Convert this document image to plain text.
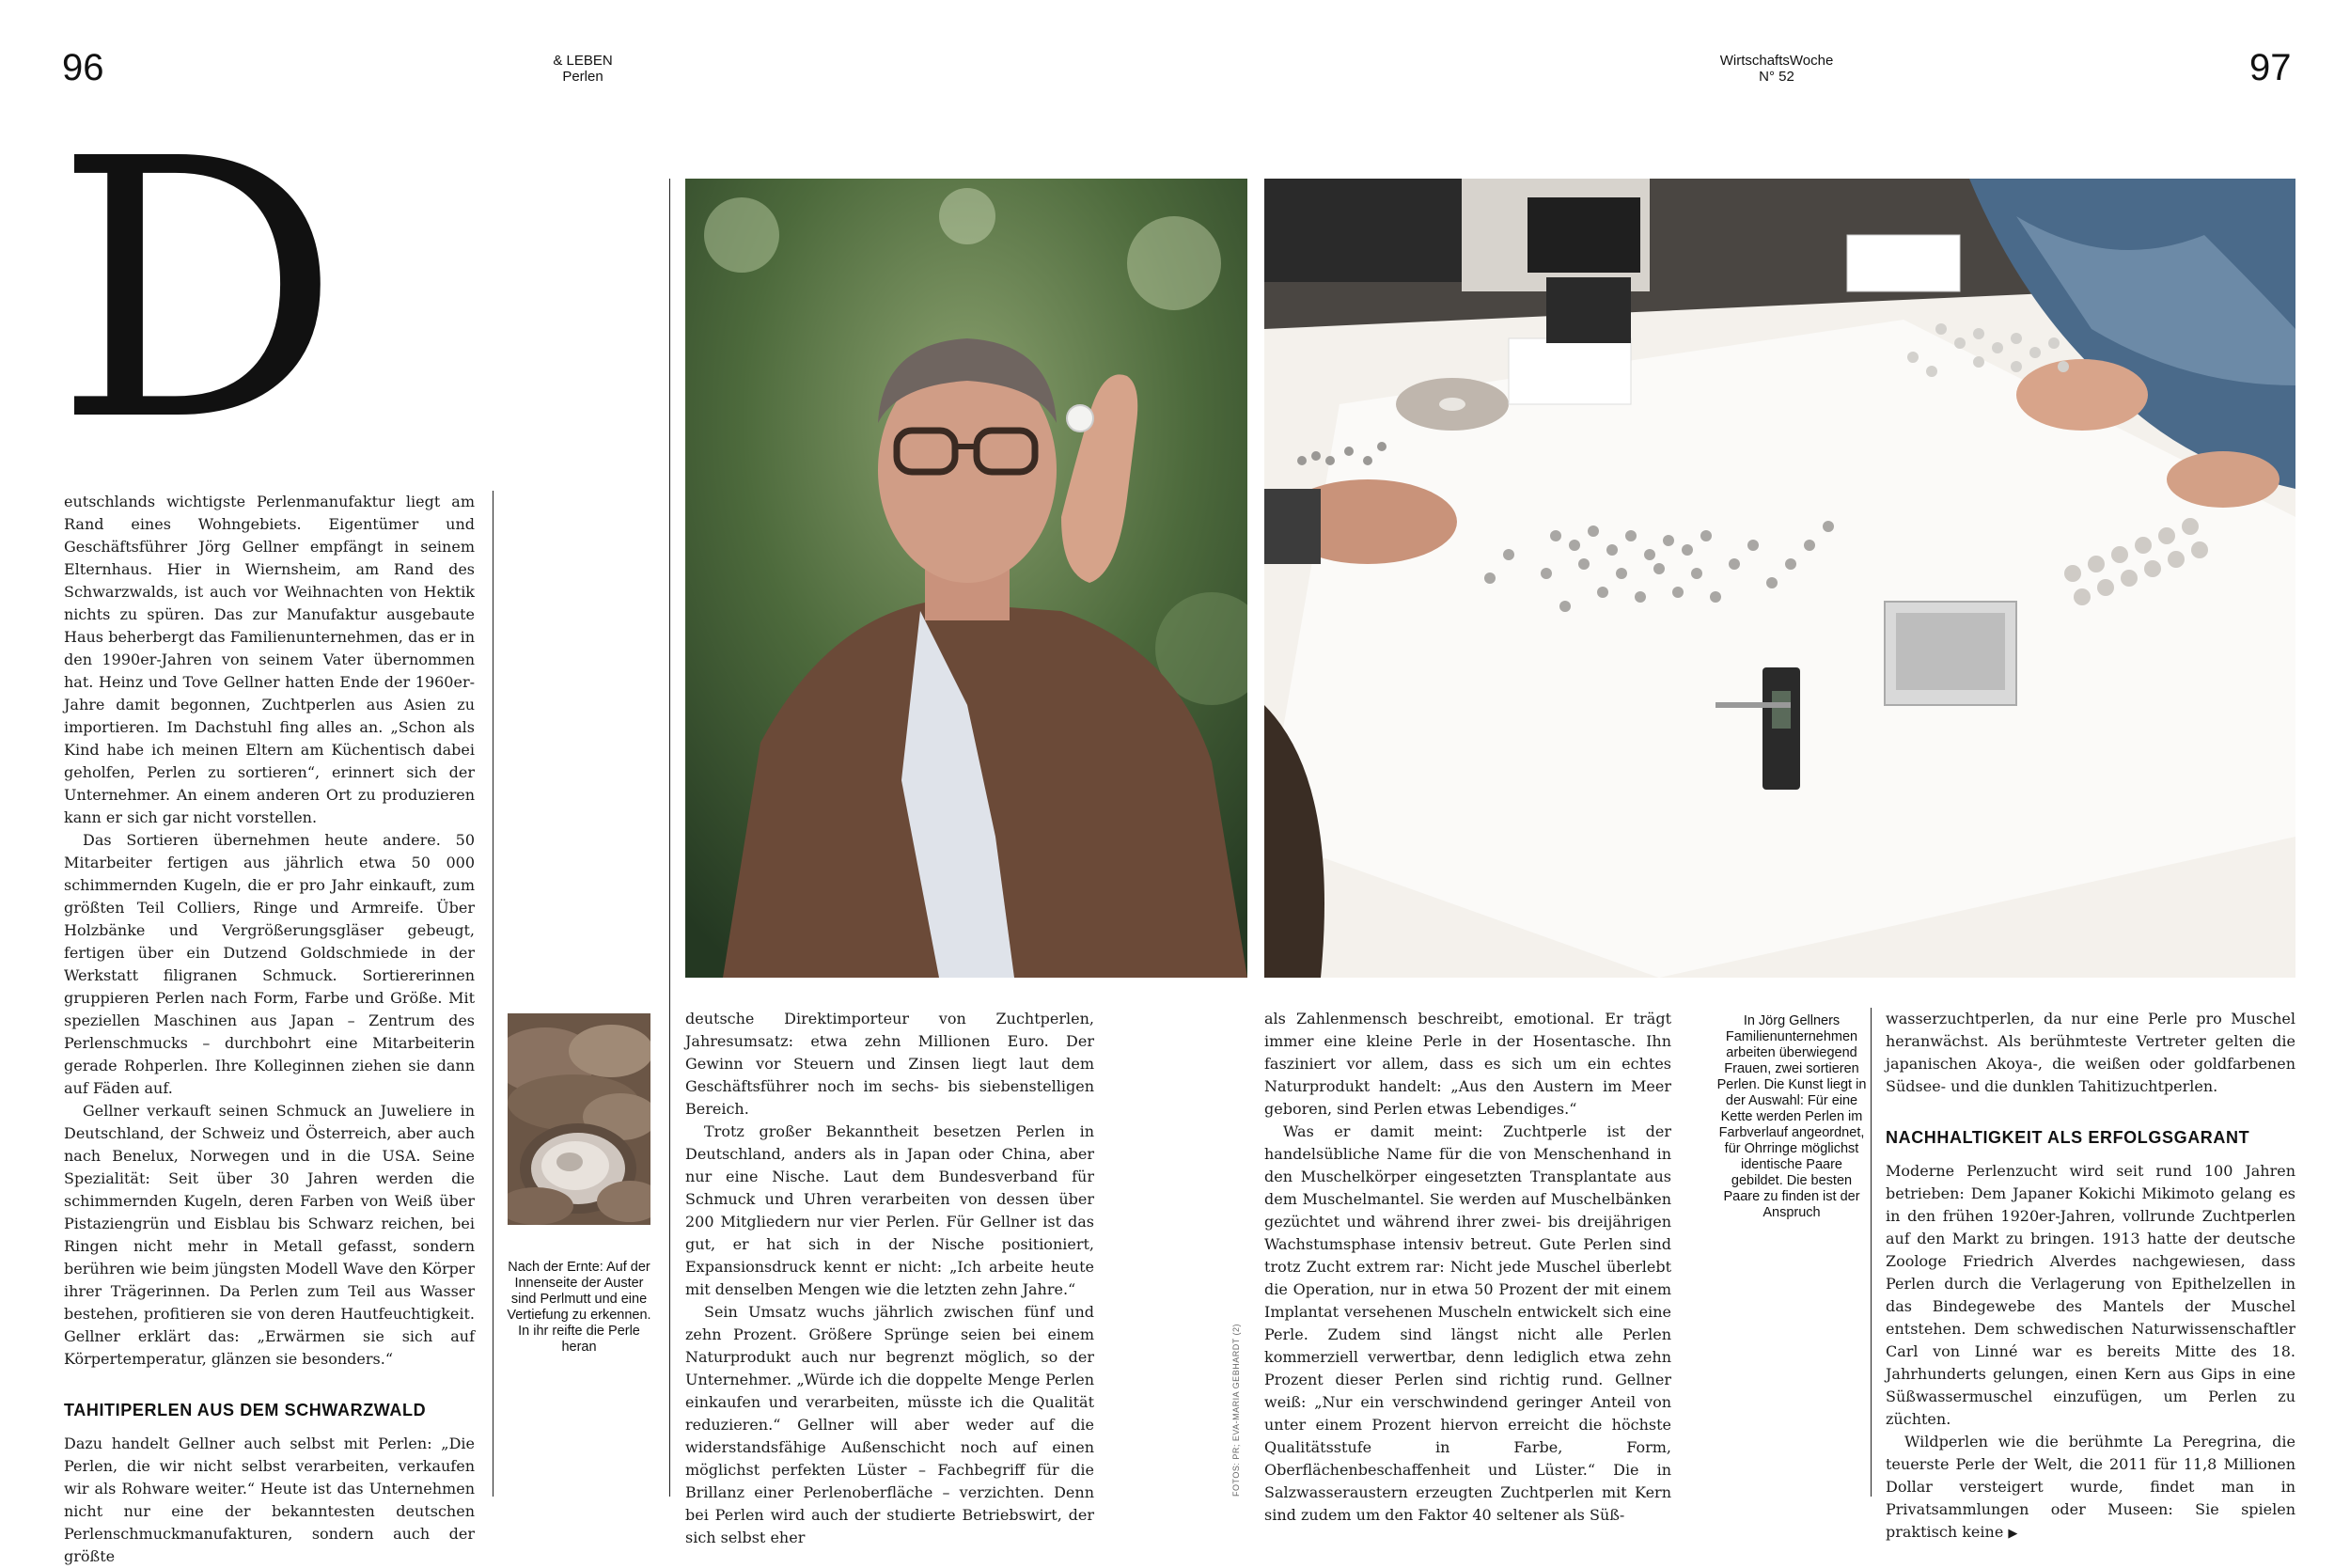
96	& LEBEN
Perlen
WirtschaftsWoche
N° 52	97
D

eutschlands wichtigste Perlenmanufaktur liegt am Rand eines Wohngebiets. Eigentümer und Geschäftsführer Jörg Gellner empfängt in seinem Elternhaus. Hier in Wiernsheim, am Rand des Schwarzwalds, ist auch vor Weihnachten von Hektik nichts zu spüren. Das zur Manufaktur ausgebaute Haus beherbergt das Familienunternehmen, das er in den 1990er-Jahren von seinem Vater übernommen hat. Heinz und Tove Gellner hatten Ende der 1960er-Jahre damit begonnen, Zuchtperlen aus Asien zu importieren. Im Dachstuhl fing alles an. „Schon als Kind habe ich meinen Eltern am Küchentisch dabei geholfen, Perlen zu sortieren“, erinnert sich der Unternehmer. An einem anderen Ort zu produzieren kann er sich gar nicht vorstellen.

Das Sortieren übernehmen heute andere. 50 Mitarbeiter fertigen aus jährlich etwa 50 000 schimmernden Kugeln, die er pro Jahr einkauft, zum größten Teil Colliers, Ringe und Armreife. Über Holzbänke und Vergrößerungsgläser gebeugt, fertigen über ein Dutzend Goldschmiede in der Werkstatt filigranen Schmuck. Sortiererinnen gruppieren Perlen nach Form, Farbe und Größe. Mit speziellen Maschinen aus Japan – Zentrum des Perlenschmucks – durchbohrt eine Mitarbeiterin gerade Rohperlen. Ihre Kolleginnen ziehen sie dann auf Fäden auf.

Gellner verkauft seinen Schmuck an Juweliere in Deutschland, der Schweiz und Österreich, aber auch nach Benelux, Norwegen und in die USA. Seine Spezialität: Seit über 30 Jahren werden die schimmernden Kugeln, deren Farben von Weiß über Pistaziengrün und Eisblau bis Schwarz reichen, bei Ringen nicht mehr in Metall gefasst, sondern berühren wie beim jüngsten Modell Wave den Körper ihrer Trägerinnen. Da Perlen zum Teil aus Wasser bestehen, profitieren sie von deren Hautfeuchtigkeit. Gellner erklärt das: „Erwärmen sie sich auf Körpertemperatur, glänzen sie besonders.“

TAHITIPERLEN AUS DEM SCHWARZWALD

Dazu handelt Gellner auch selbst mit Perlen: „Die Perlen, die wir nicht selbst verarbeiten, verkaufen wir als Rohware weiter.“ Heute ist das Unternehmen nicht nur eine der bekanntesten deutschen Perlenschmuckmanufakturen, sondern auch der größte

Nach der Ernte: Auf der Innenseite der Auster sind Perlmutt und eine Vertiefung zu erkennen. In ihr reifte die Perle heran

deutsche Direktimporteur von Zuchtperlen, Jahresumsatz: etwa zehn Millionen Euro. Der Gewinn vor Steuern und Zinsen liegt laut dem Geschäftsführer noch im sechs- bis siebenstelligen Bereich.

Trotz großer Bekanntheit besetzen Perlen in Deutschland, anders als in Japan oder China, aber nur eine Nische. Laut dem Bundesverband für Schmuck und Uhren verarbeiten von dessen über 200 Mitgliedern nur vier Perlen. Für Gellner ist das gut, er hat sich in der Nische positioniert, Expansionsdruck kennt er nicht: „Ich arbeite heute mit denselben Mengen wie die letzten zehn Jahre.“

Sein Umsatz wuchs jährlich zwischen fünf und zehn Prozent. Größere Sprünge seien bei einem Naturprodukt auch nur begrenzt möglich, so der Unternehmer. „Würde ich die doppelte Menge Perlen einkaufen und verarbeiten, müsste ich die Qualität reduzieren.“ Gellner will aber weder auf die widerstandsfähige Außenschicht noch auf einen möglichst perfekten Lüster – Fachbegriff für die Brillanz einer Perlenoberfläche – verzichten. Denn bei Perlen wird auch der studierte Betriebswirt, der sich selbst eher

FOTOS: PR; EVA-MARIA GEBHARDT (2)

als Zahlenmensch beschreibt, emotional. Er trägt immer eine kleine Perle in der Hosentasche. Ihn fasziniert vor allem, dass es sich um ein echtes Naturprodukt handelt: „Aus den Austern im Meer geboren, sind Perlen etwas Lebendiges.“

Was er damit meint: Zuchtperle ist der handelsübliche Name für die von Menschenhand in den Muschelkörper eingesetzten Transplantate aus dem Muschelmantel. Sie werden auf Muschelbänken gezüchtet und während ihrer zwei- bis dreijährigen Wachstumsphase intensiv betreut. Gute Perlen sind trotz Zucht extrem rar: Nicht jede Muschel überlebt die Operation, nur in etwa 50 Prozent der mit einem Implantat versehenen Muscheln entwickelt sich eine Perle. Zudem sind längst nicht alle Perlen kommerziell verwertbar, denn lediglich etwa zehn Prozent dieser Perlen sind richtig rund. Gellner weiß: „Nur ein verschwindend geringer Anteil von unter einem Prozent hiervon erreicht die höchste Qualitätsstufe in Farbe, Form, Oberflächenbeschaffenheit und Lüster.“ Die in Salzwasseraustern erzeugten Zuchtperlen mit Kern sind zudem um den Faktor 40 seltener als Süß-

In Jörg Gellners Familienunternehmen arbeiten überwiegend Frauen, zwei sortieren Perlen. Die Kunst liegt in der Auswahl: Für eine Kette werden Perlen im Farbverlauf angeordnet, für Ohrringe möglichst identische Paare gebildet. Die besten Paare zu finden ist der Anspruch

wasserzuchtperlen, da nur eine Perle pro Muschel heranwächst. Als berühmteste Vertreter gelten die japanischen Akoya-, die weißen oder goldfarbenen Südsee- und die dunklen Tahitizuchtperlen.

NACHHALTIGKEIT ALS ERFOLGSGARANT

Moderne Perlenzucht wird seit rund 100 Jahren betrieben: Dem Japaner Kokichi Mikimoto gelang es in den frühen 1920er-Jahren, vollrunde Zuchtperlen auf den Markt zu bringen. 1913 hatte der deutsche Zoologe Friedrich Alverdes nachgewiesen, dass Perlen durch die Verlagerung von Epithelzellen in das Bindegewebe des Mantels der Muschel entstehen. Dem schwedischen Naturwissenschaftler Carl von Linné war es bereits Mitte des 18. Jahrhunderts gelungen, einen Kern aus Gips in eine Süßwassermuschel einzufügen, um Perlen zu züchten.

Wildperlen wie die berühmte La Peregrina, die teuerste Perle der Welt, die 2011 für 11,8 Millionen Dollar versteigert wurde, findet man in Privatsammlungen oder Museen: Sie spielen praktisch keine ▶
